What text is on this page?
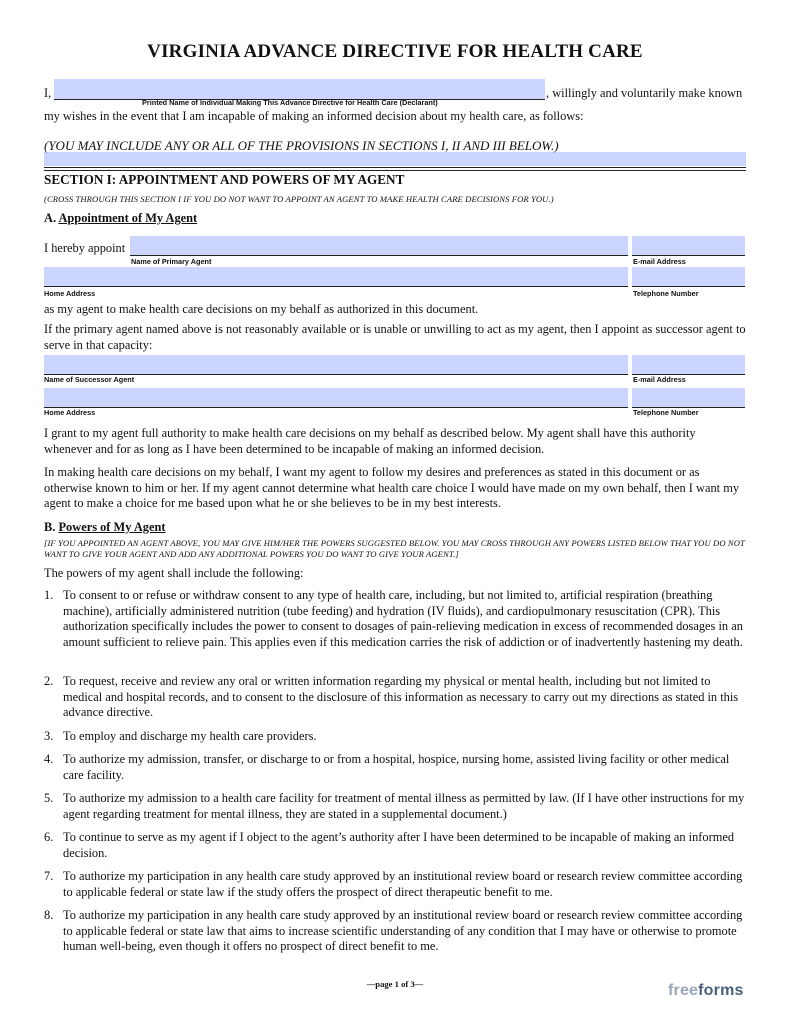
VIRGINIA ADVANCE DIRECTIVE FOR HEALTH CARE
I,
Printed Name of Individual Making This Advance Directive for Health Care (Declarant)
, willingly and voluntarily make known
my wishes in the event that I am incapable of making an informed decision about my health care, as follows:
(YOU MAY INCLUDE ANY OR ALL OF THE PROVISIONS IN SECTIONS I, II AND III BELOW.)
SECTION I: APPOINTMENT AND POWERS OF MY AGENT
(CROSS THROUGH THIS SECTION I IF YOU DO NOT WANT TO APPOINT AN AGENT TO MAKE HEALTH CARE DECISIONS FOR YOU.)
A. Appointment of My Agent
I hereby appoint
Name of Primary Agent	E-mail Address
Home Address	Telephone Number
as my agent to make health care decisions on my behalf as authorized in this document.
If the primary agent named above is not reasonably available or is unable or unwilling to act as my agent, then I appoint as successor agent to serve in that capacity:
Name of Successor Agent	E-mail Address
Home Address	Telephone Number
I grant to my agent full authority to make health care decisions on my behalf as described below. My agent shall have this authority whenever and for as long as I have been determined to be incapable of making an informed decision.
In making health care decisions on my behalf, I want my agent to follow my desires and preferences as stated in this document or as otherwise known to him or her. If my agent cannot determine what health care choice I would have made on my own behalf, then I want my agent to make a choice for me based upon what he or she believes to be in my best interests.
B. Powers of My Agent
[IF YOU APPOINTED AN AGENT ABOVE, YOU MAY GIVE HIM/HER THE POWERS SUGGESTED BELOW. YOU MAY CROSS THROUGH ANY POWERS LISTED BELOW THAT YOU DO NOT WANT TO GIVE YOUR AGENT AND ADD ANY ADDITIONAL POWERS YOU DO WANT TO GIVE YOUR AGENT.]
The powers of my agent shall include the following:
1. To consent to or refuse or withdraw consent to any type of health care, including, but not limited to, artificial respiration (breathing machine), artificially administered nutrition (tube feeding) and hydration (IV fluids), and cardiopulmonary resuscitation (CPR). This authorization specifically includes the power to consent to dosages of pain-relieving medication in excess of recommended dosages in an amount sufficient to relieve pain. This applies even if this medication carries the risk of addiction or of inadvertently hastening my death.
2. To request, receive and review any oral or written information regarding my physical or mental health, including but not limited to medical and hospital records, and to consent to the disclosure of this information as necessary to carry out my directions as stated in this advance directive.
3. To employ and discharge my health care providers.
4. To authorize my admission, transfer, or discharge to or from a hospital, hospice, nursing home, assisted living facility or other medical care facility.
5. To authorize my admission to a health care facility for treatment of mental illness as permitted by law. (If I have other instructions for my agent regarding treatment for mental illness, they are stated in a supplemental document.)
6. To continue to serve as my agent if I object to the agent’s authority after I have been determined to be incapable of making an informed decision.
7. To authorize my participation in any health care study approved by an institutional review board or research review committee according to applicable federal or state law if the study offers the prospect of direct therapeutic benefit to me.
8. To authorize my participation in any health care study approved by an institutional review board or research review committee according to applicable federal or state law that aims to increase scientific understanding of any condition that I may have or otherwise to promote human well-being, even though it offers no prospect of direct benefit to me.
—page 1 of 3—	freeforms
